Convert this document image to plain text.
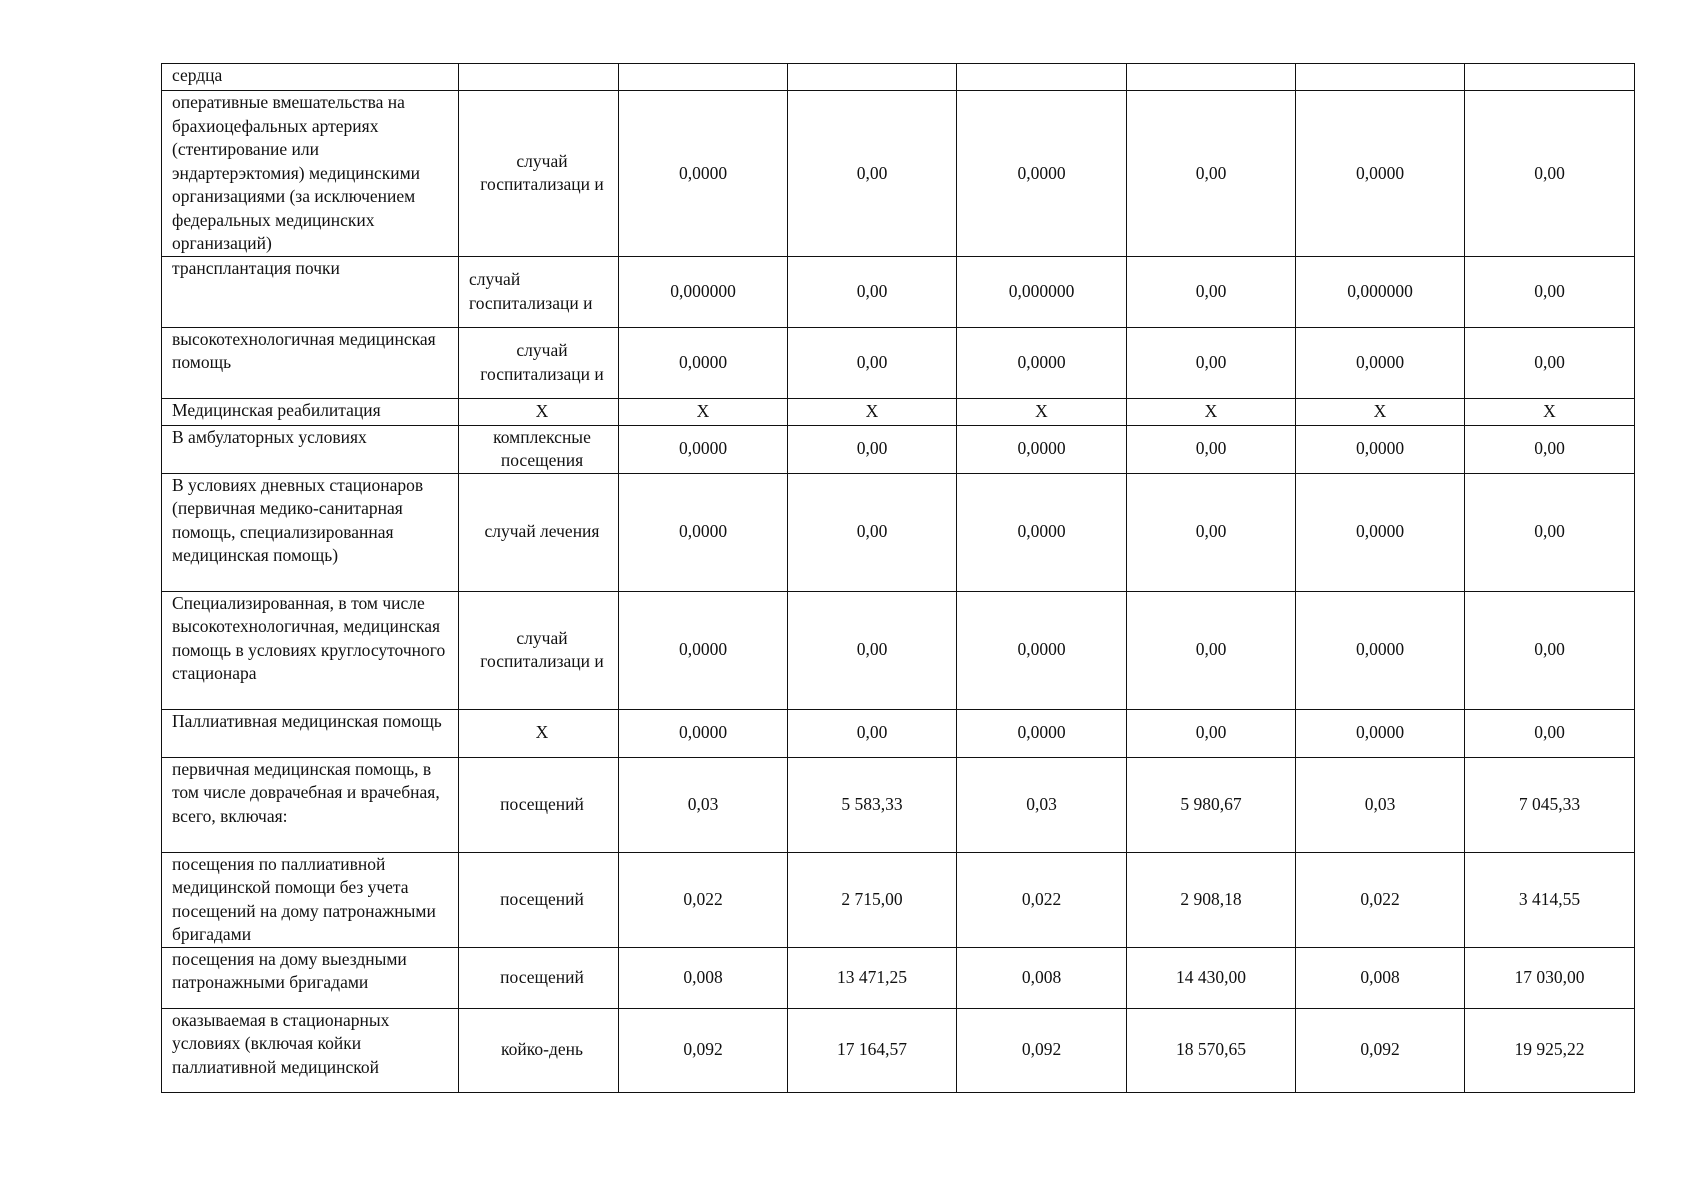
сердца							
оперативные вмешательства на брахиоцефальных артериях (стентирование или эндартерэктомия) медицинскими организациями (за исключением федеральных медицинских организаций)	случай госпитализаци и	0,0000	0,00	0,0000	0,00	0,0000	0,00
трансплантация почки	случай госпитализаци и	0,000000	0,00	0,000000	0,00	0,000000	0,00
высокотехнологичная медицинская помощь	случай госпитализаци и	0,0000	0,00	0,0000	0,00	0,0000	0,00
Медицинская реабилитация	Х	Х	Х	Х	Х	Х	Х
В амбулаторных условиях	комплексные посещения	0,0000	0,00	0,0000	0,00	0,0000	0,00
В условиях дневных стационаров (первичная медико-санитарная помощь, специализированная медицинская помощь)	случай лечения	0,0000	0,00	0,0000	0,00	0,0000	0,00
Специализированная, в том числе высокотехнологичная, медицинская помощь в условиях круглосуточного стационара	случай госпитализаци и	0,0000	0,00	0,0000	0,00	0,0000	0,00
Паллиативная медицинская помощь	Х	0,0000	0,00	0,0000	0,00	0,0000	0,00
первичная медицинская помощь, в том числе доврачебная и врачебная, всего, включая:	посещений	0,03	5 583,33	0,03	5 980,67	0,03	7 045,33
посещения по паллиативной медицинской помощи без учета посещений на дому патронажными бригадами	посещений	0,022	2 715,00	0,022	2 908,18	0,022	3 414,55
посещения на дому выездными патронажными бригадами	посещений	0,008	13 471,25	0,008	14 430,00	0,008	17 030,00
оказываемая в стационарных условиях (включая койки паллиативной медицинской	койко-день	0,092	17 164,57	0,092	18 570,65	0,092	19 925,22
